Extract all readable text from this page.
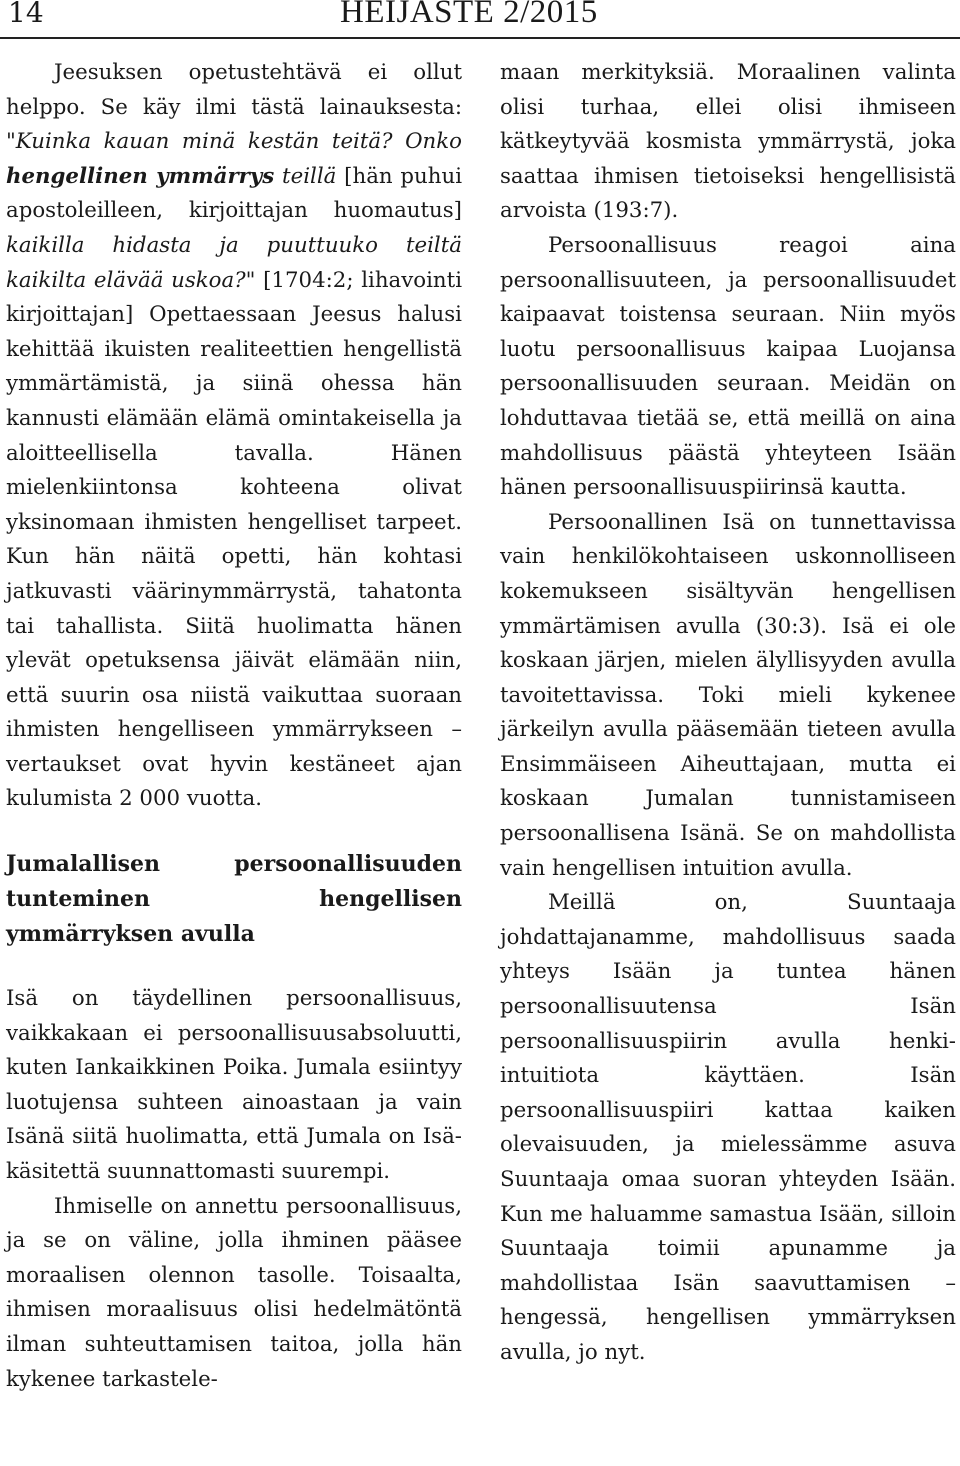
14	HEIJASTE 2/2015

Jeesuksen opetustehtävä ei ollut helppo. Se käy ilmi tästä lainauksesta: "Kuinka kauan minä kestän teitä? Onko hengellinen ymmärrys teillä [hän puhui apostoleilleen, kirjoittajan huomautus] kaikilla hidasta ja puuttuuko teiltä kaikilta elävää uskoa?" [1704:2; lihavointi kirjoittajan] Opettaessaan Jeesus halusi kehittää ikuisten realiteettien hengellistä ymmärtämistä, ja siinä ohessa hän kannusti elämään elämä omintakeisella ja aloitteellisella tavalla. Hänen mielenkiintonsa kohteena olivat yksinomaan ihmisten hengelliset tarpeet. Kun hän näitä opetti, hän kohtasi jatkuvasti väärinymmärrystä, tahatonta tai tahallista. Siitä huolimatta hänen ylevät opetuksensa jäivät elämään niin, että suurin osa niistä vaikuttaa suoraan ihmisten hengelliseen ymmärrykseen – vertaukset ovat hyvin kestäneet ajan kulumista 2 000 vuotta.

Jumalallisen persoonallisuuden tunteminen hengellisen ymmärryksen avulla

Isä on täydellinen persoonallisuus, vaikkakaan ei persoonallisuusabsoluutti, kuten Iankaikkinen Poika. Jumala esiintyy luotujensa suhteen ainoastaan ja vain Isänä siitä huolimatta, että Jumala on Isä-käsitettä suunnattomasti suurempi.

Ihmiselle on annettu persoonallisuus, ja se on väline, jolla ihminen pääsee moraalisen olennon tasolle. Toisaalta, ihmisen moraalisuus olisi hedelmätöntä ilman suhteuttamisen taitoa, jolla hän kykenee tarkastele-

maan merkityksiä. Moraalinen valinta olisi turhaa, ellei olisi ihmiseen kätkeytyvää kosmista ymmärrystä, joka saattaa ihmisen tietoiseksi hengellisistä arvoista (193:7).

Persoonallisuus reagoi aina persoonallisuuteen, ja persoonallisuudet kaipaavat toistensa seuraan. Niin myös luotu persoonallisuus kaipaa Luojansa persoonallisuuden seuraan. Meidän on lohduttavaa tietää se, että meillä on aina mahdollisuus päästä yhteyteen Isään hänen persoonallisuuspiirinsä kautta.

Persoonallinen Isä on tunnettavissa vain henkilökohtaiseen uskonnolliseen kokemukseen sisältyvän hengellisen ymmärtämisen avulla (30:3). Isä ei ole koskaan järjen, mielen älyllisyyden avulla tavoitettavissa. Toki mieli kykenee järkeilyn avulla pääsemään tieteen avulla Ensimmäiseen Aiheuttajaan, mutta ei koskaan Jumalan tunnistamiseen persoonallisena Isänä. Se on mahdollista vain hengellisen intuition avulla.

Meillä on, Suuntaaja johdattajanamme, mahdollisuus saada yhteys Isään ja tuntea hänen persoonallisuutensa Isän persoonallisuuspiirin avulla henki-intuitiota käyttäen. Isän persoonallisuuspiiri kattaa kaiken olevaisuuden, ja mielessämme asuva Suuntaaja omaa suoran yhteyden Isään. Kun me haluamme samastua Isään, silloin Suuntaaja toimii apunamme ja mahdollistaa Isän saavuttamisen – hengessä, hengellisen ymmärryksen avulla, jo nyt.
